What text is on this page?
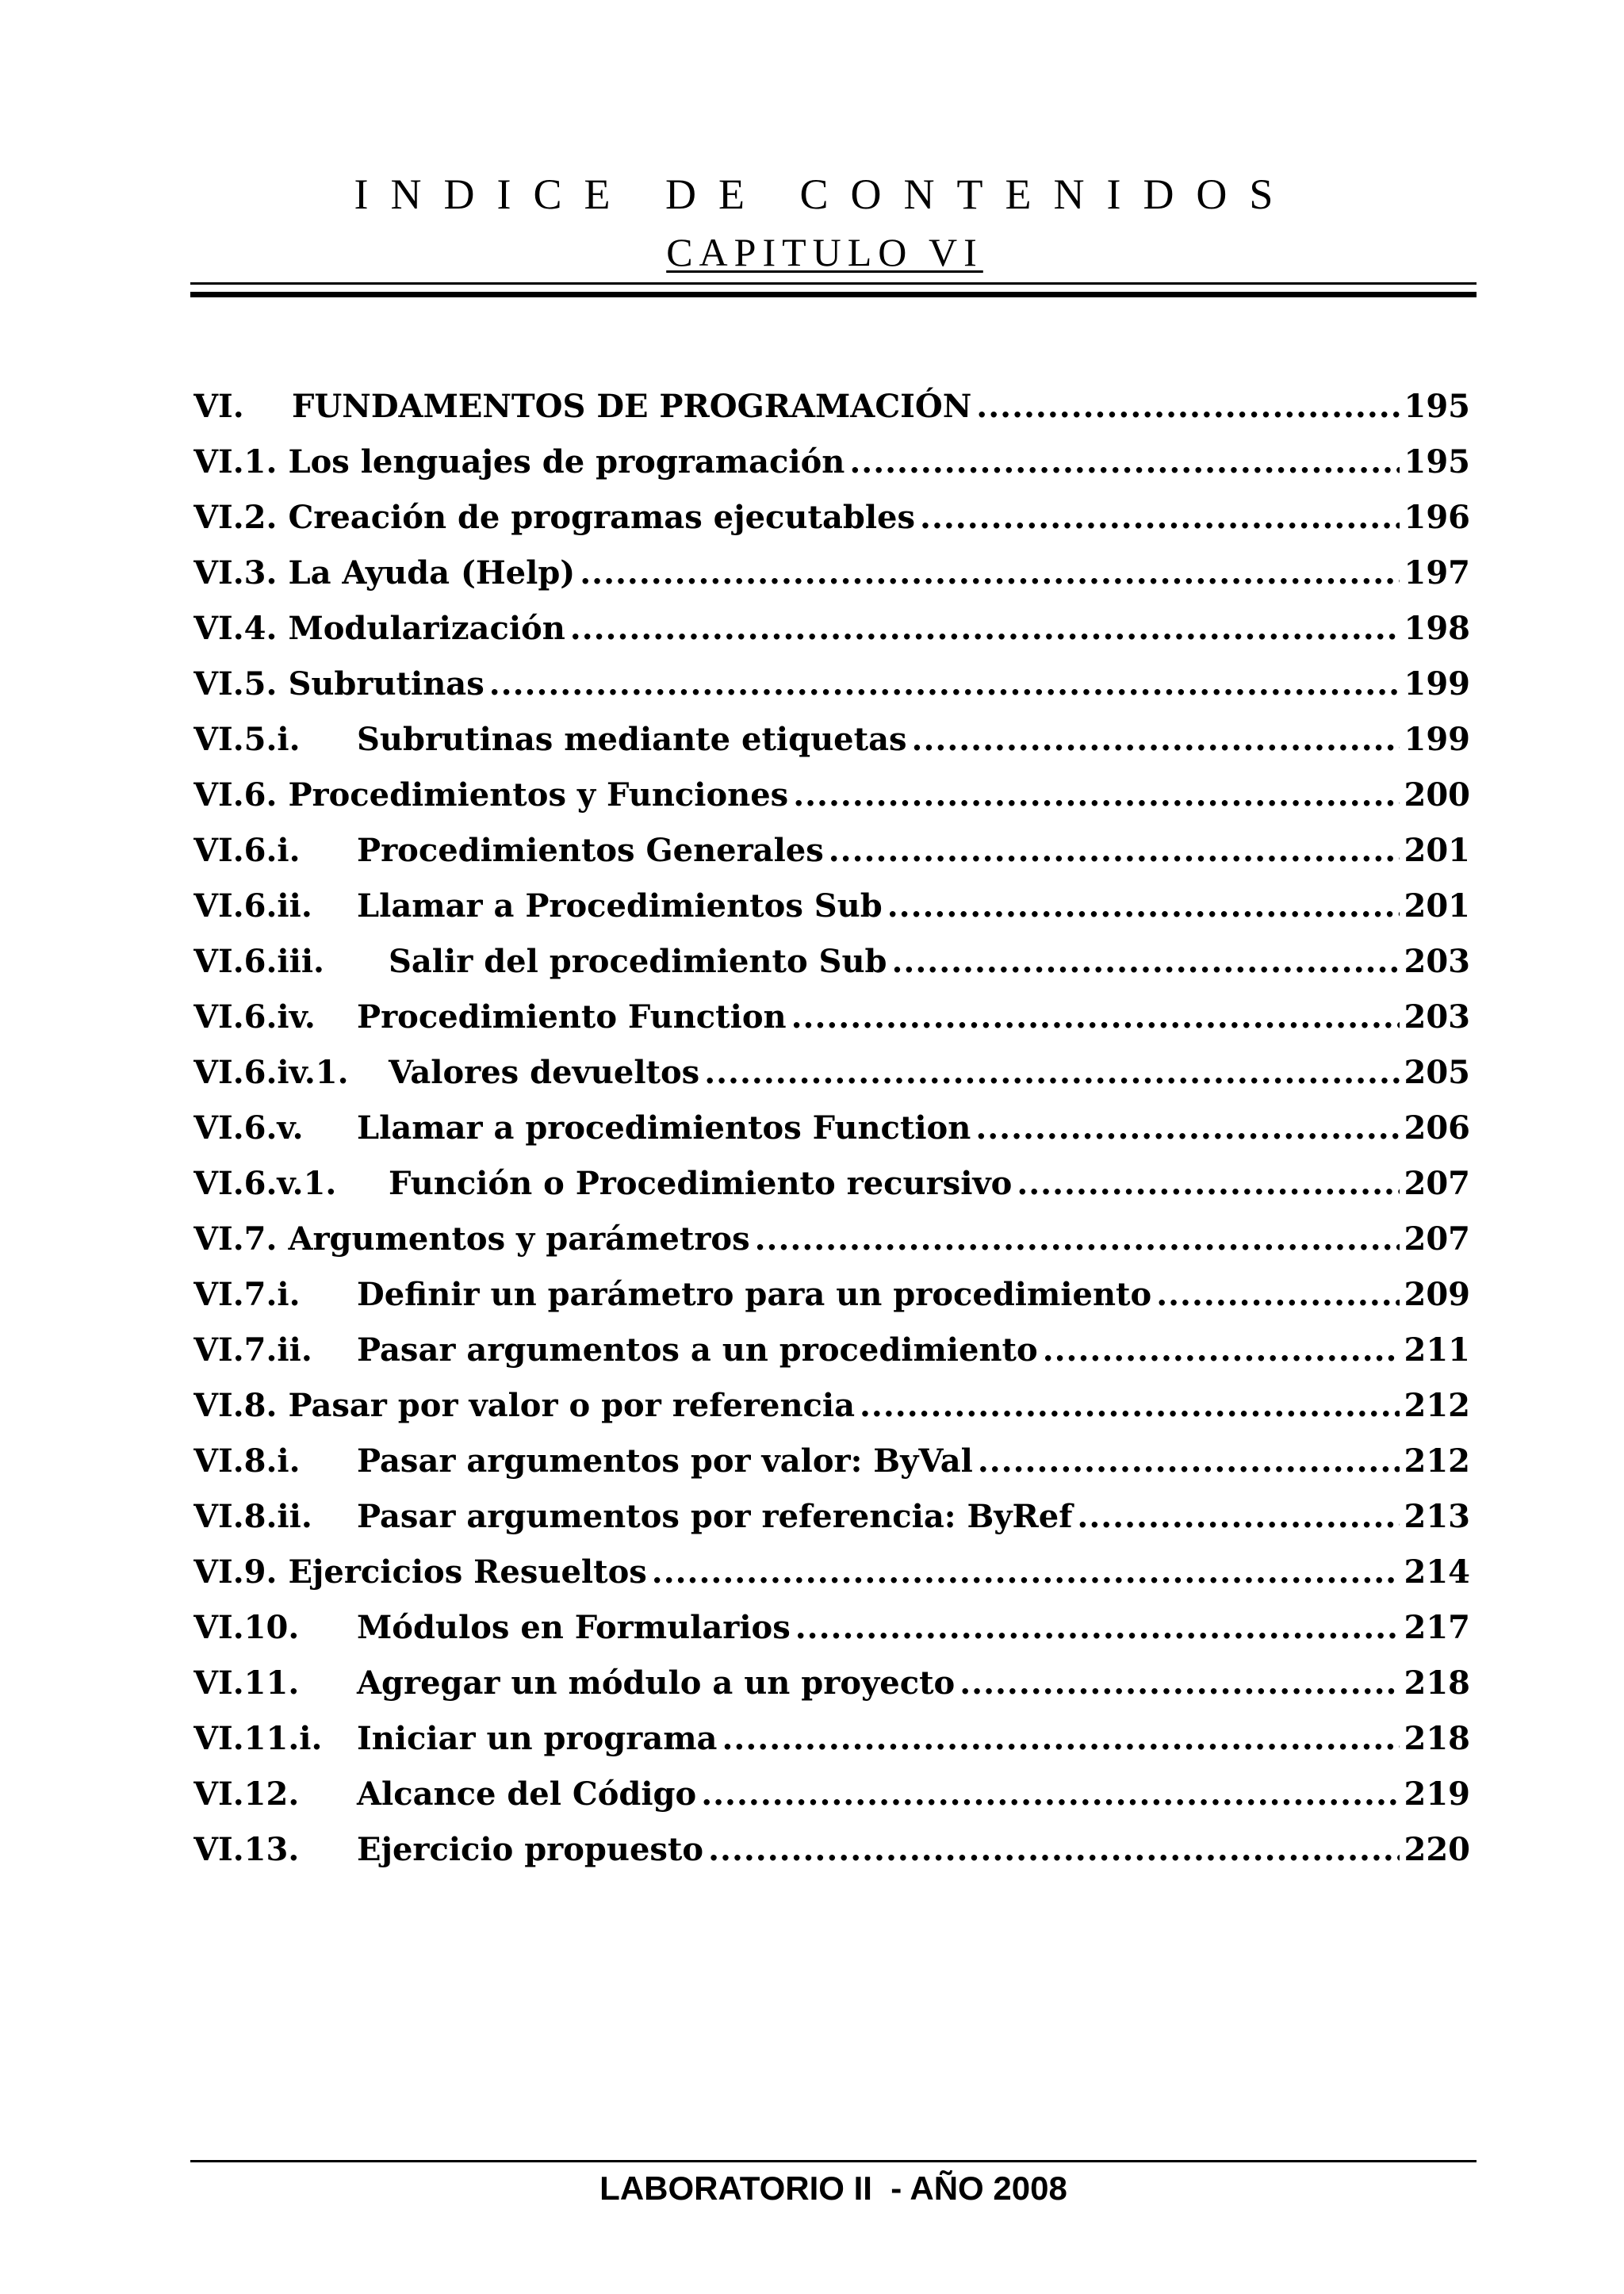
INDICE DE CONTENIDOS
CAPITULO VI
VI.	FUNDAMENTOS DE PROGRAMACIÓN .....	195
VI.1. Los lenguajes de programación .....	195
VI.2. Creación de programas ejecutables .....	196
VI.3. La Ayuda (Help) .....	197
VI.4. Modularización .....	198
VI.5. Subrutinas .....	199
VI.5.i.	Subrutinas mediante etiquetas .....	199
VI.6. Procedimientos y Funciones .....	200
VI.6.i.	Procedimientos Generales .....	201
VI.6.ii.	Llamar a Procedimientos Sub .....	201
VI.6.iii.	Salir del procedimiento Sub .....	203
VI.6.iv.	Procedimiento Function .....	203
VI.6.iv.1.	Valores devueltos .....	205
VI.6.v.	Llamar a procedimientos Function .....	206
VI.6.v.1.	Función o Procedimiento recursivo .....	207
VI.7. Argumentos y parámetros .....	207
VI.7.i.	Definir un parámetro para un procedimiento .....	209
VI.7.ii.	Pasar argumentos a un procedimiento .....	211
VI.8. Pasar por valor o por referencia .....	212
VI.8.i.	Pasar argumentos por valor: ByVal .....	212
VI.8.ii.	Pasar argumentos por referencia: ByRef .....	213
VI.9. Ejercicios Resueltos .....	214
VI.10.	Módulos en Formularios .....	217
VI.11.	Agregar un módulo a un proyecto .....	218
VI.11.i.	Iniciar un programa .....	218
VI.12.	Alcance del Código .....	219
VI.13.	Ejercicio propuesto .....	220
LABORATORIO II  - AÑO 2008
